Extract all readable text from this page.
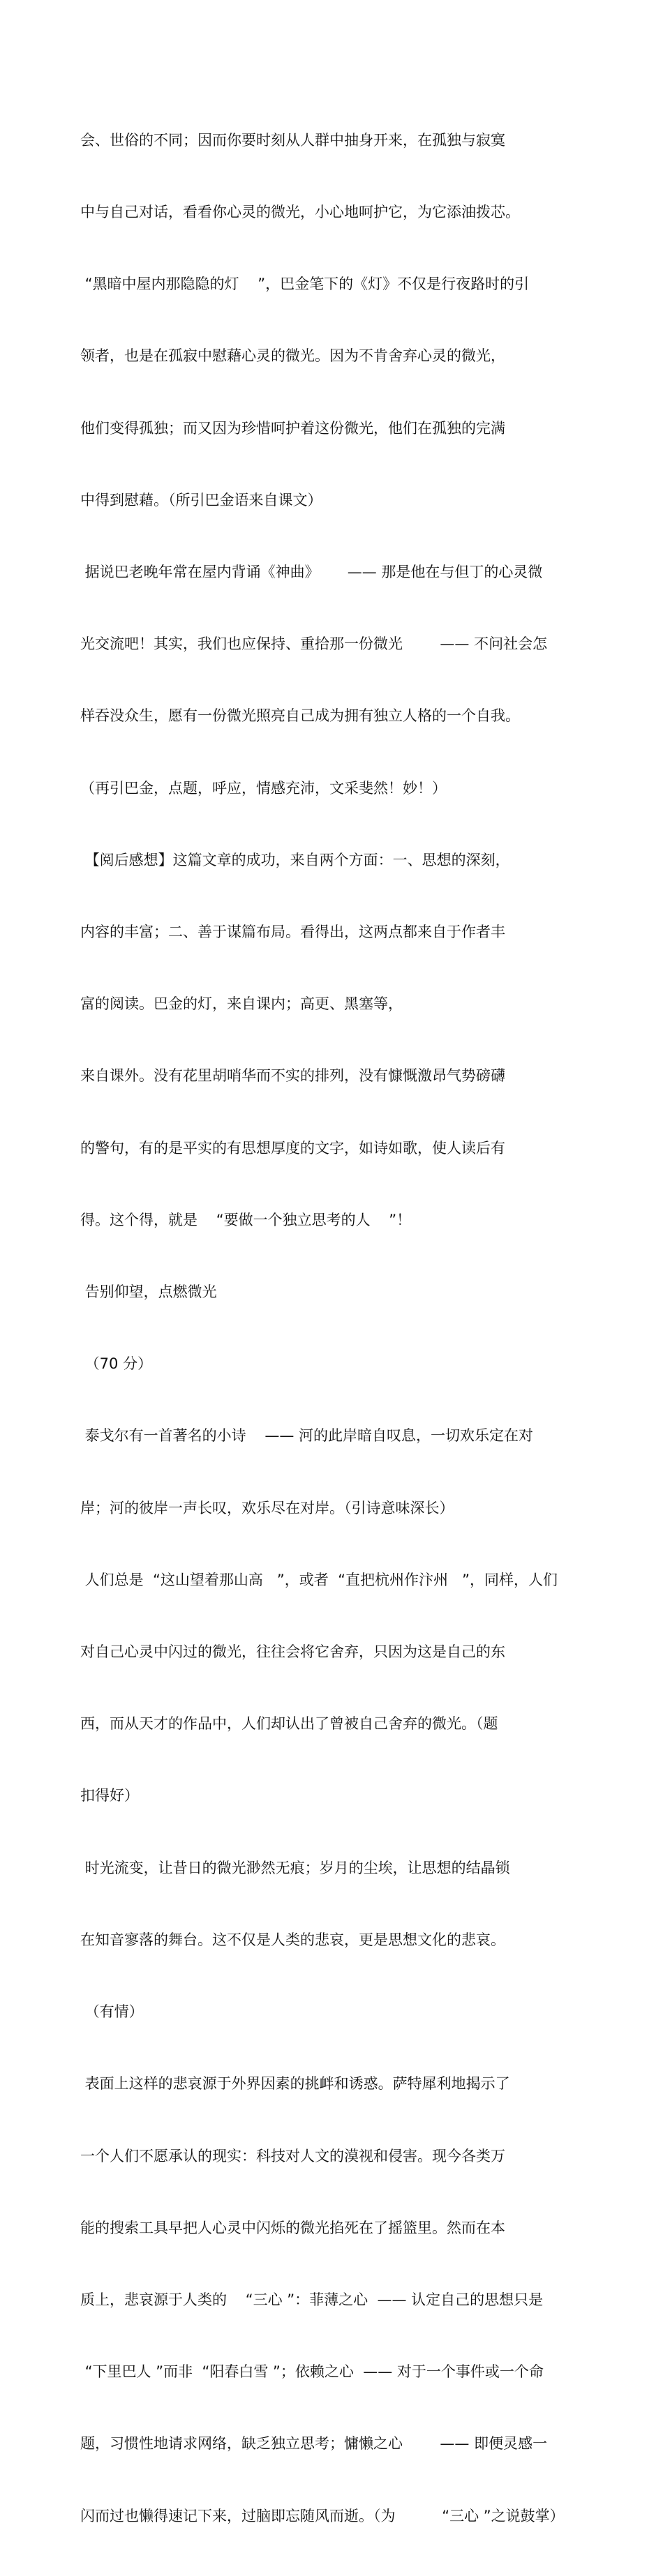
会、世俗的不同；因而你要时刻从人群中抽身开来，在孤独与寂寞

中与自己对话，看看你心灵的微光，小心地呵护它，为它添油拨芯。

“黑暗中屋内那隐隐的灯    ”，巴金笔下的《灯》不仅是行夜路时的引

领者，也是在孤寂中慰藉心灵的微光。因为不肯舍弃心灵的微光，

他们变得孤独；而又因为珍惜呵护着这份微光，他们在孤独的完满

中得到慰藉。（所引巴金语来自课文）

据说巴老晚年常在屋内背诵《神曲》      —— 那是他在与但丁的心灵微

光交流吧！其实，我们也应保持、重拾那一份微光        —— 不问社会怎

样吞没众生，愿有一份微光照亮自己成为拥有独立人格的一个自我。

（再引巴金，点题，呼应，情感充沛，文采斐然！妙！）

【阅后感想】这篇文章的成功，来自两个方面：一、思想的深刻，

内容的丰富；二、善于谋篇布局。看得出，这两点都来自于作者丰

富的阅读。巴金的灯，来自课内；高更、黑塞等，

来自课外。没有花里胡哨华而不实的排列，没有慷慨激昂气势磅礴

的警句，有的是平实的有思想厚度的文字，如诗如歌，使人读后有

得。这个得，就是    “要做一个独立思考的人    ”！

告别仰望，点燃微光

（70 分）

泰戈尔有一首著名的小诗    —— 河的此岸暗自叹息，一切欢乐定在对

岸；河的彼岸一声长叹，欢乐尽在对岸。（引诗意味深长）

人们总是  “这山望着那山高   ”，或者  “直把杭州作汴州   ”，同样，人们

对自己心灵中闪过的微光，往往会将它舍弃，只因为这是自己的东

西，而从天才的作品中，人们却认出了曾被自己舍弃的微光。（题

扣得好）

时光流变，让昔日的微光渺然无痕；岁月的尘埃，让思想的结晶锁

在知音寥落的舞台。这不仅是人类的悲哀，更是思想文化的悲哀。

（有情）

表面上这样的悲哀源于外界因素的挑衅和诱惑。萨特犀利地揭示了

一个人们不愿承认的现实：科技对人文的漠视和侵害。现今各类万

能的搜索工具早把人心灵中闪烁的微光掐死在了摇篮里。然而在本

质上，悲哀源于人类的    “三心 ”：菲薄之心  —— 认定自己的思想只是

“下里巴人 ”而非  “阳春白雪 ”；依赖之心  —— 对于一个事件或一个命

题，习惯性地请求网络，缺乏独立思考；慵懒之心        —— 即便灵感一

闪而过也懒得速记下来，过脑即忘随风而逝。（为          “三心 ”之说鼓掌）
